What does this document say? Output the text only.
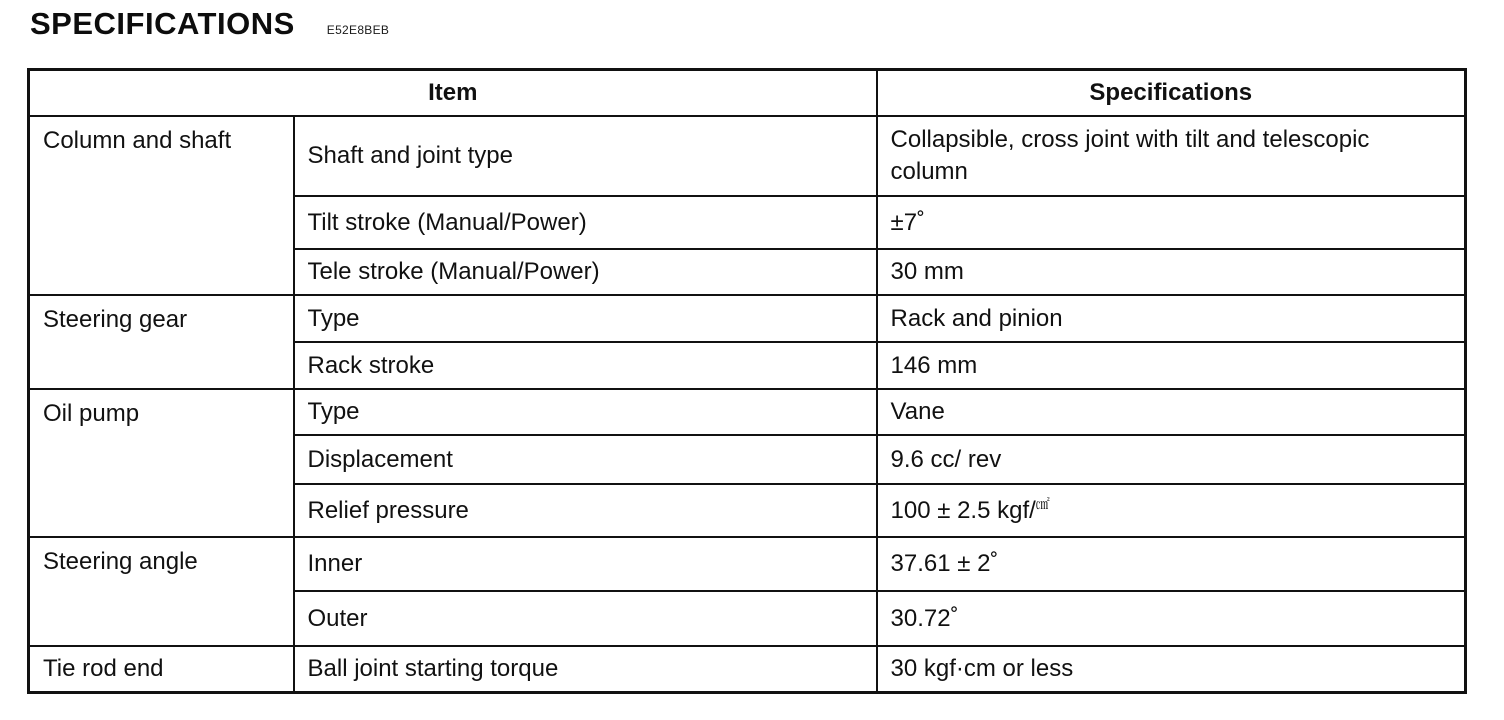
SPECIFICATIONS	E52E8BEB
Item		Specifications
Column and shaft	Shaft and joint type	Collapsible, cross joint with tilt and telescopic column
	Tilt stroke (Manual/Power)	±7˚
	Tele stroke (Manual/Power)	30 mm
Steering gear	Type	Rack and pinion
	Rack stroke	146 mm
Oil pump	Type	Vane
	Displacement	9.6 cc/ rev
	Relief pressure	100 ± 2.5 kgf/㎠
Steering angle	Inner	37.61 ± 2˚
	Outer	30.72˚
Tie rod end	Ball joint starting torque	30 kgf·cm or less
